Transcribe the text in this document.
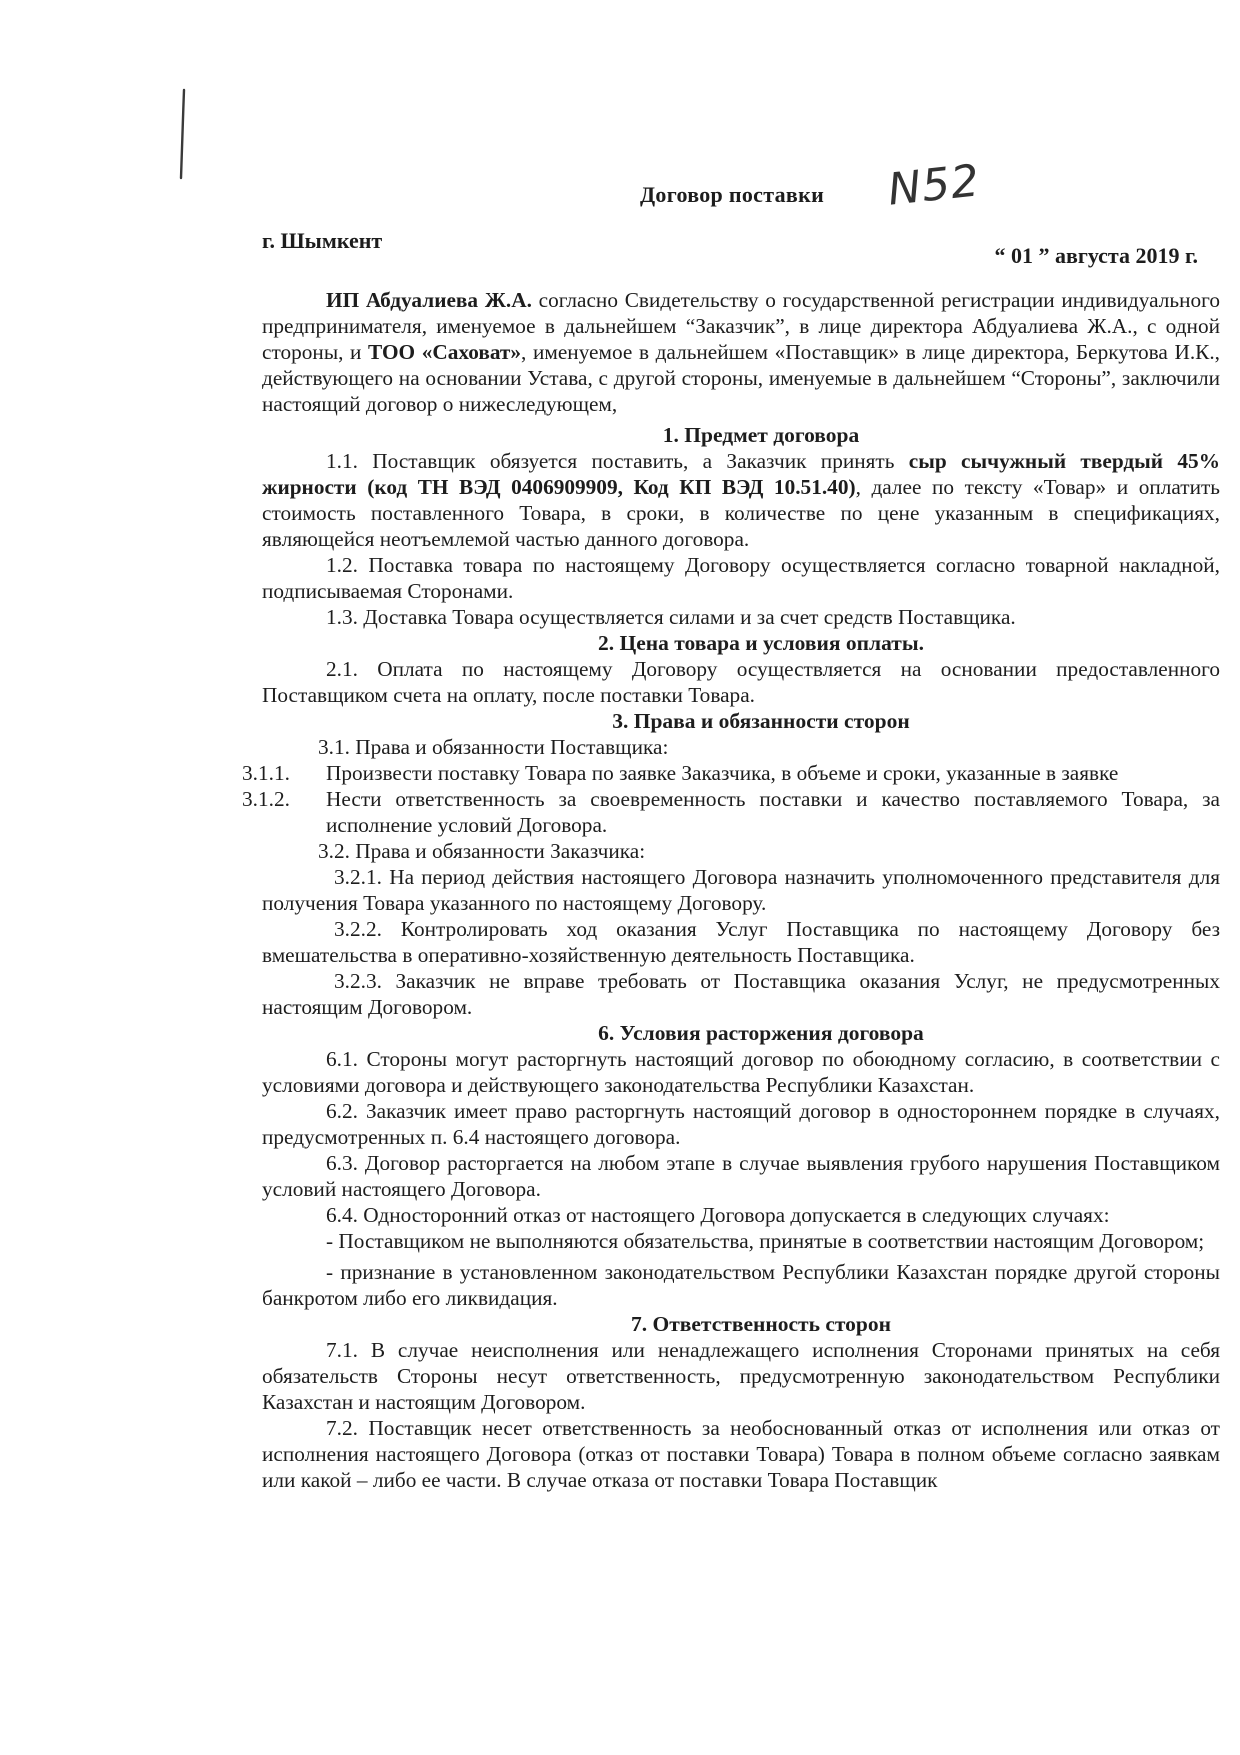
N52
Договор поставки
г. Шымкент
“ 01 ” августа 2019 г.

ИП Абдуалиева Ж.А. согласно Свидетельству о государственной регистрации индивидуального предпринимателя, именуемое в дальнейшем “Заказчик”, в лице директора Абдуалиева Ж.А., с одной стороны, и ТОО «Саховат», именуемое в дальнейшем «Поставщик» в лице директора, Беркутова И.К., действующего на основании Устава, с другой стороны, именуемые в дальнейшем “Стороны”, заключили настоящий договор о нижеследующем,

1. Предмет договора

1.1. Поставщик обязуется поставить, а Заказчик принять сыр сычужный твердый 45% жирности (код ТН ВЭД 0406909909, Код КП ВЭД 10.51.40), далее по тексту «Товар» и оплатить стоимость поставленного Товара, в сроки, в количестве по цене указанным в спецификациях, являющейся неотъемлемой частью данного договора.

1.2. Поставка товара по настоящему Договору осуществляется согласно товарной накладной, подписываемая Сторонами.

1.3. Доставка Товара осуществляется силами и за счет средств Поставщика.

2. Цена товара и условия оплаты.

2.1. Оплата по настоящему Договору осуществляется на основании предоставленного Поставщиком счета на оплату, после поставки Товара.

3. Права и обязанности сторон

3.1. Права и обязанности Поставщика:

3.1.1.	Произвести поставку Товара по заявке Заказчика, в объеме и сроки, указанные в заявке
3.1.2.	Нести ответственность за своевременность поставки и качество поставляемого Товара, за исполнение условий Договора.

3.2. Права и обязанности Заказчика:

3.2.1. На период действия настоящего Договора назначить уполномоченного представителя для получения Товара указанного по настоящему Договору.

3.2.2. Контролировать ход оказания Услуг Поставщика по настоящему Договору без вмешательства в оперативно-хозяйственную деятельность Поставщика.

3.2.3. Заказчик не вправе требовать от Поставщика оказания Услуг, не предусмотренных настоящим Договором.

6. Условия расторжения договора

6.1. Стороны могут расторгнуть настоящий договор по обоюдному согласию, в соответствии с условиями договора и действующего законодательства Республики Казахстан.

6.2. Заказчик имеет право расторгнуть настоящий договор в одностороннем порядке в случаях, предусмотренных п. 6.4 настоящего договора.

6.3. Договор расторгается на любом этапе в случае выявления грубого нарушения Поставщиком условий настоящего Договора.

6.4. Односторонний отказ от настоящего Договора допускается в следующих случаях:

- Поставщиком не выполняются обязательства, принятые в соответствии настоящим Договором;

- признание в установленном законодательством Республики Казахстан порядке другой стороны банкротом либо его ликвидация.

7. Ответственность сторон

7.1. В случае неисполнения или ненадлежащего исполнения Сторонами принятых на себя обязательств Стороны несут ответственность, предусмотренную законодательством Республики Казахстан и настоящим Договором.

7.2. Поставщик несет ответственность за необоснованный отказ от исполнения или отказ от исполнения настоящего Договора (отказ от поставки Товара) Товара в полном объеме согласно заявкам или какой – либо ее части. В случае отказа от поставки Товара Поставщик
